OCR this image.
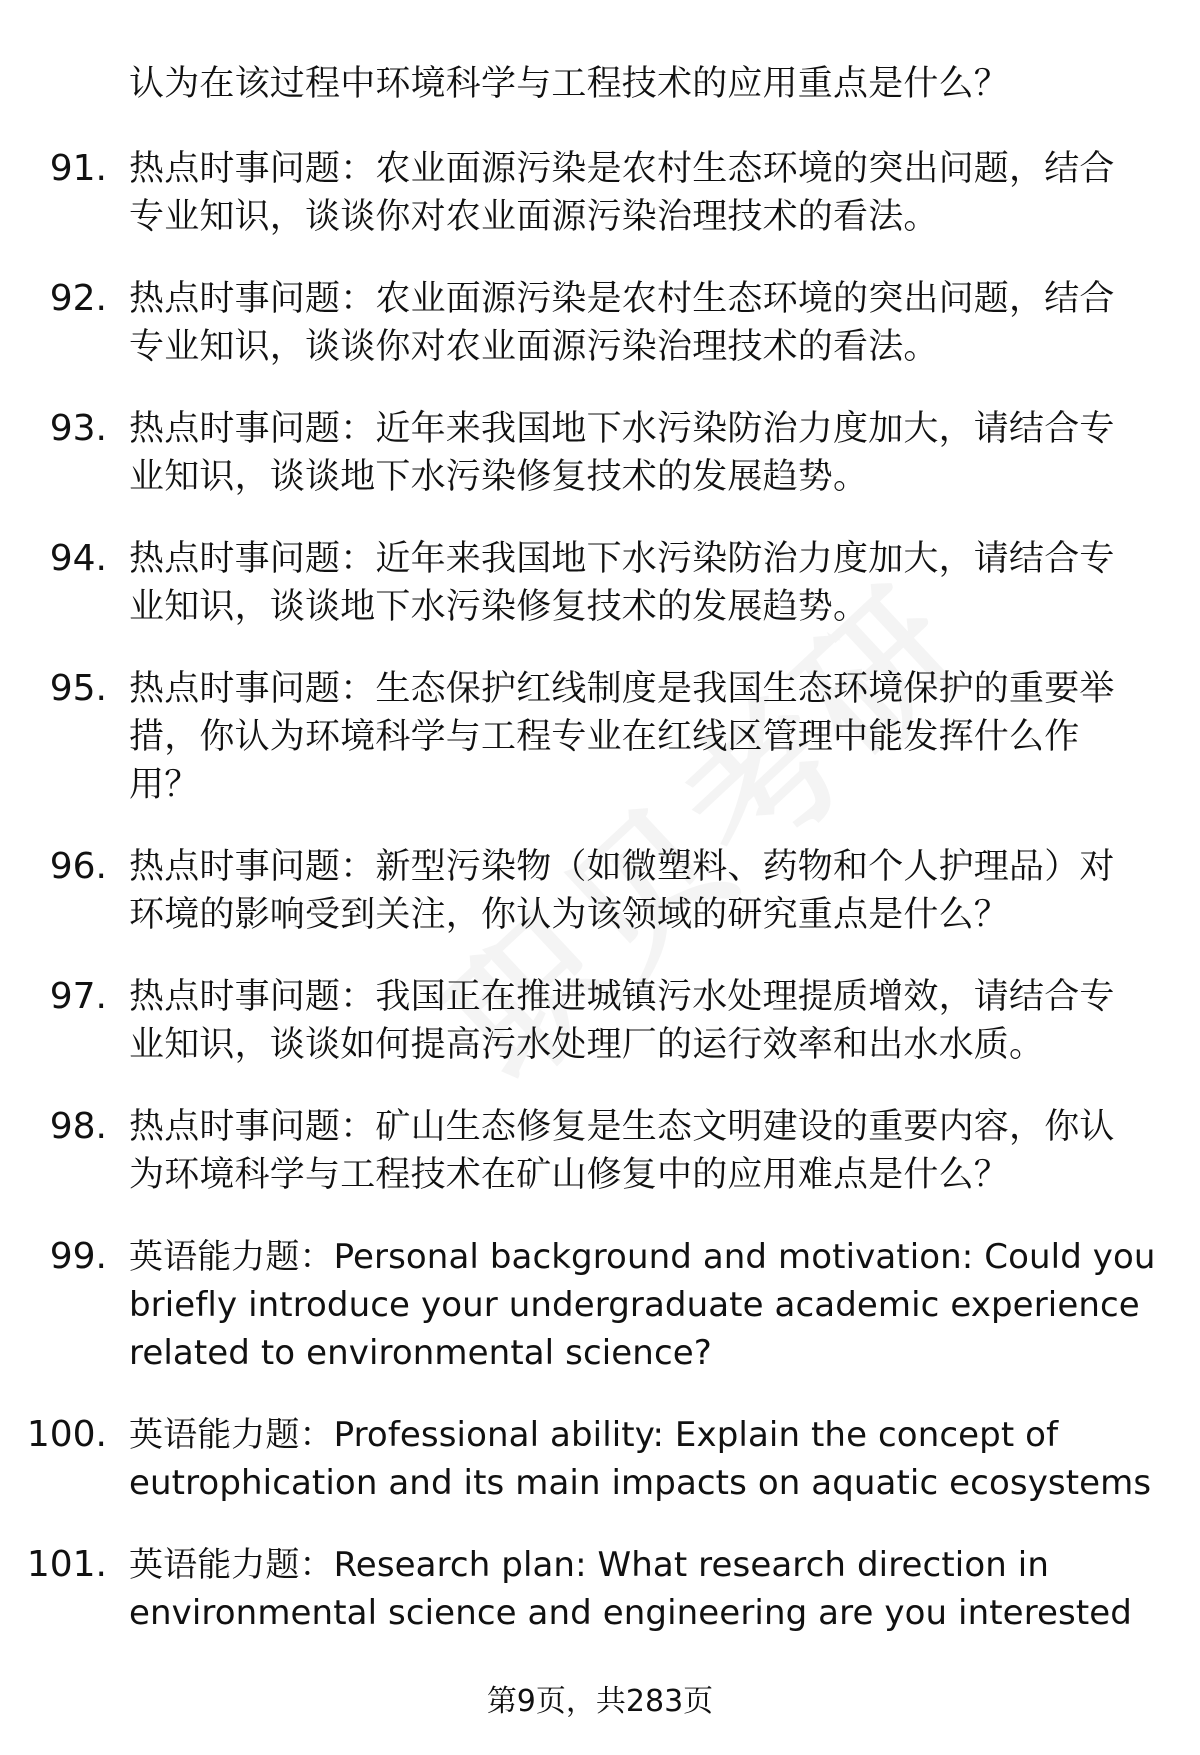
认为在该过程中环境科学与工程技术的应用重点是什么？
91. 热点时事问题：农业面源污染是农村生态环境的突出问题，结合专业知识，谈谈你对农业面源污染治理技术的看法。
92. 热点时事问题：农业面源污染是农村生态环境的突出问题，结合专业知识，谈谈你对农业面源污染治理技术的看法。
93. 热点时事问题：近年来我国地下水污染防治力度加大，请结合专业知识，谈谈地下水污染修复技术的发展趋势。
94. 热点时事问题：近年来我国地下水污染防治力度加大，请结合专业知识，谈谈地下水污染修复技术的发展趋势。
95. 热点时事问题：生态保护红线制度是我国生态环境保护的重要举措，你认为环境科学与工程专业在红线区管理中能发挥什么作用？
96. 热点时事问题：新型污染物（如微塑料、药物和个人护理品）对环境的影响受到关注，你认为该领域的研究重点是什么？
97. 热点时事问题：我国正在推进城镇污水处理提质增效，请结合专业知识，谈谈如何提高污水处理厂的运行效率和出水水质。
98. 热点时事问题：矿山生态修复是生态文明建设的重要内容，你认为环境科学与工程技术在矿山修复中的应用难点是什么？
99. 英语能力题：Personal background and motivation: Could you briefly introduce your undergraduate academic experience related to environmental science?
100. 英语能力题：Professional ability: Explain the concept of eutrophication and its main impacts on aquatic ecosystems
101. 英语能力题：Research plan: What research direction in environmental science and engineering are you interested
第9页，共283页
